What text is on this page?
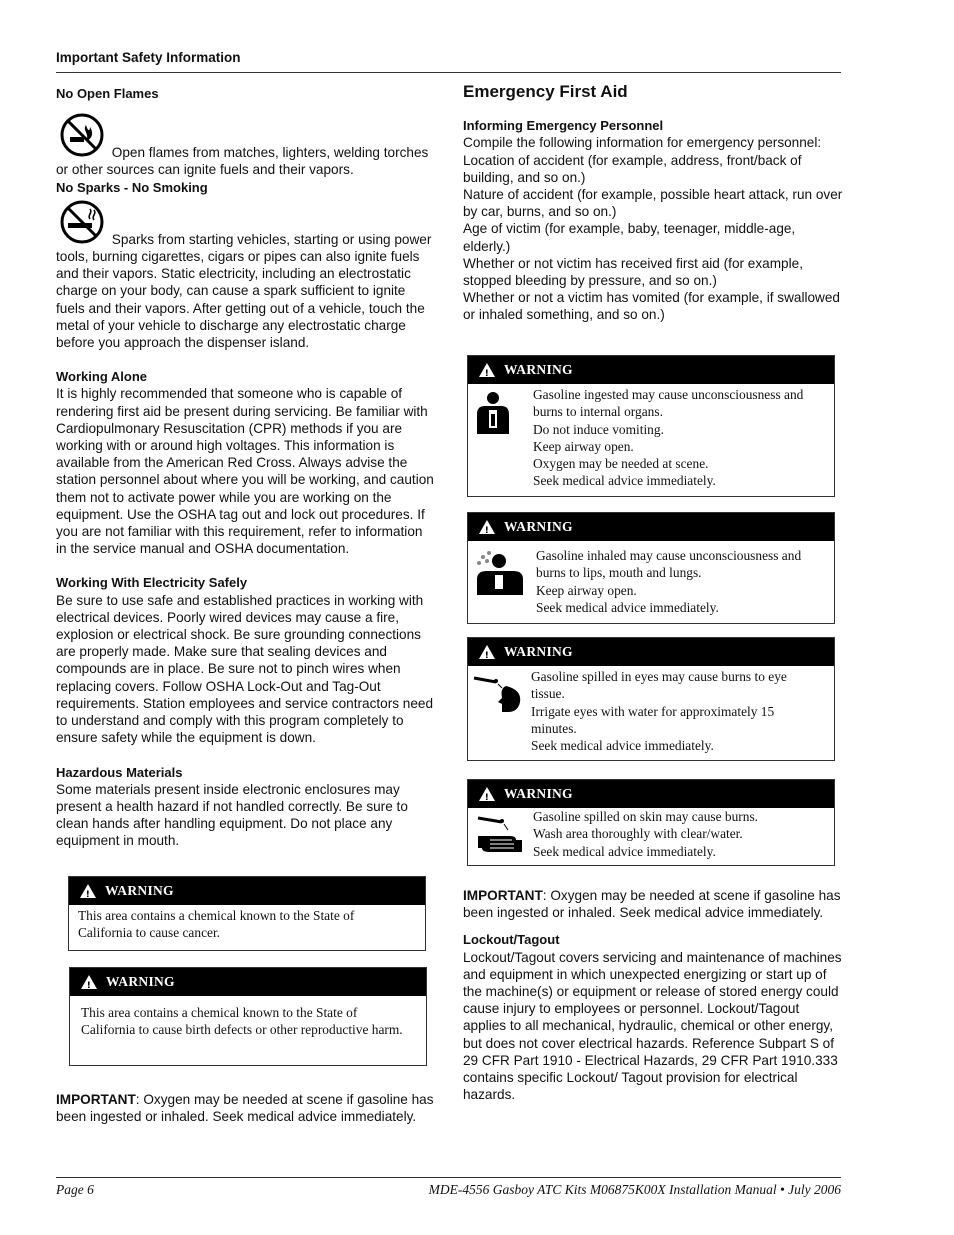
Important Safety Information

No Open Flames

Open flames from matches, lighters, welding torches or other sources can ignite fuels and their vapors.

No Sparks - No Smoking

Sparks from starting vehicles, starting or using power tools, burning cigarettes, cigars or pipes can also ignite fuels and their vapors. Static electricity, including an electrostatic charge on your body, can cause a spark sufficient to ignite fuels and their vapors. After getting out of a vehicle, touch the metal of your vehicle to discharge any electrostatic charge before you approach the dispenser island.

Working Alone

It is highly recommended that someone who is capable of rendering first aid be present during servicing. Be familiar with Cardiopulmonary Resuscitation (CPR) methods if you are working with or around high voltages. This information is available from the American Red Cross. Always advise the station personnel about where you will be working, and caution them not to activate power while you are working on the equipment. Use the OSHA tag out and lock out procedures. If you are not familiar with this requirement, refer to information in the service manual and OSHA documentation.

Working With Electricity Safely

Be sure to use safe and established practices in working with electrical devices. Poorly wired devices may cause a fire, explosion or electrical shock. Be sure grounding connections are properly made. Make sure that sealing devices and compounds are in place. Be sure not to pinch wires when replacing covers. Follow OSHA Lock-Out and Tag-Out requirements. Station employees and service contractors need to understand and comply with this program completely to ensure safety while the equipment is down.

Hazardous Materials

Some materials present inside electronic enclosures may present a health hazard if not handled correctly. Be sure to clean hands after handling equipment. Do not place any equipment in mouth.

! WARNING
This area contains a chemical known to the State of
California to cause cancer.
! WARNING
This area contains a chemical known to the State of
California to cause birth defects or other reproductive harm.
IMPORTANT: Oxygen may be needed at scene if gasoline has been ingested or inhaled. Seek medical advice immediately.

Emergency First Aid

Informing Emergency Personnel

Compile the following information for emergency personnel:

Location of accident (for example, address, front/back of building, and so on.)

Nature of accident (for example, possible heart attack, run over by car, burns, and so on.)

Age of victim (for example, baby, teenager, middle-age, elderly.)

Whether or not victim has received first aid (for example, stopped bleeding by pressure, and so on.)

Whether or not a victim has vomited (for example, if swallowed or inhaled something, and so on.)

! WARNING
Gasoline ingested may cause unconsciousness and
burns to internal organs.
Do not induce vomiting.
Keep airway open.
Oxygen may be needed at scene.
Seek medical advice immediately.
! WARNING
Gasoline inhaled may cause unconsciousness and
burns to lips, mouth and lungs.
Keep airway open.
Seek medical advice immediately.
! WARNING
Gasoline spilled in eyes may cause burns to eye
tissue.
Irrigate eyes with water for approximately 15
minutes.
Seek medical advice immediately.
! WARNING
Gasoline spilled on skin may cause burns.
Wash area thoroughly with clear/water.
Seek medical advice immediately.

IMPORTANT: Oxygen may be needed at scene if gasoline has been ingested or inhaled. Seek medical advice immediately.

Lockout/Tagout

Lockout/Tagout covers servicing and maintenance of machines and equipment in which unexpected energizing or start up of the machine(s) or equipment or release of stored energy could cause injury to employees or personnel. Lockout/Tagout applies to all mechanical, hydraulic, chemical or other energy, but does not cover electrical hazards. Reference Subpart S of 29 CFR Part 1910 - Electrical Hazards, 29 CFR Part 1910.333 contains specific Lockout/ Tagout provision for electrical hazards.

Page 6	MDE-4556 Gasboy ATC Kits M06875K00X Installation Manual • July 2006
